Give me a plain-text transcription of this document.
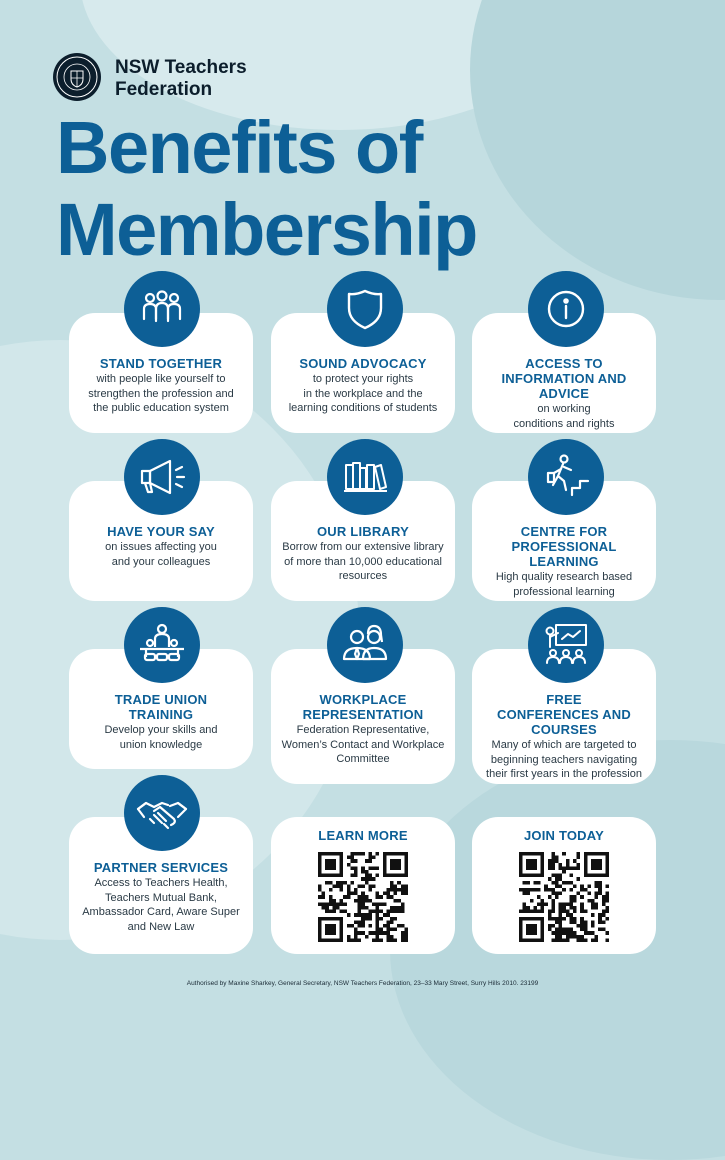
NSW Teachers
Federation
Benefits of
Membership
STAND TOGETHER
with people like yourself to
strengthen the profession and
the public education system
SOUND ADVOCACY
to protect your rights
in the workplace and the
learning conditions of students
ACCESS TO INFORMATION AND ADVICE
on working
conditions and rights
HAVE YOUR SAY
on issues affecting you
and your colleagues
OUR LIBRARY
Borrow from our extensive library
of more than 10,000 educational
resources
CENTRE FOR PROFESSIONAL LEARNING
High quality research based
professional learning
TRADE UNION TRAINING
Develop your skills and
union knowledge
WORKPLACE REPRESENTATION
Federation Representative,
Women’s Contact and Workplace
Committee
FREE CONFERENCES AND COURSES
Many of which are targeted to
beginning teachers navigating
their first years in the profession
PARTNER SERVICES
Access to Teachers Health,
Teachers Mutual Bank,
Ambassador Card, Aware Super
and New Law
LEARN MORE	JOIN TODAY
Authorised by Maxine Sharkey, General Secretary, NSW Teachers Federation, 23–33 Mary Street, Surry Hills 2010. 23199
